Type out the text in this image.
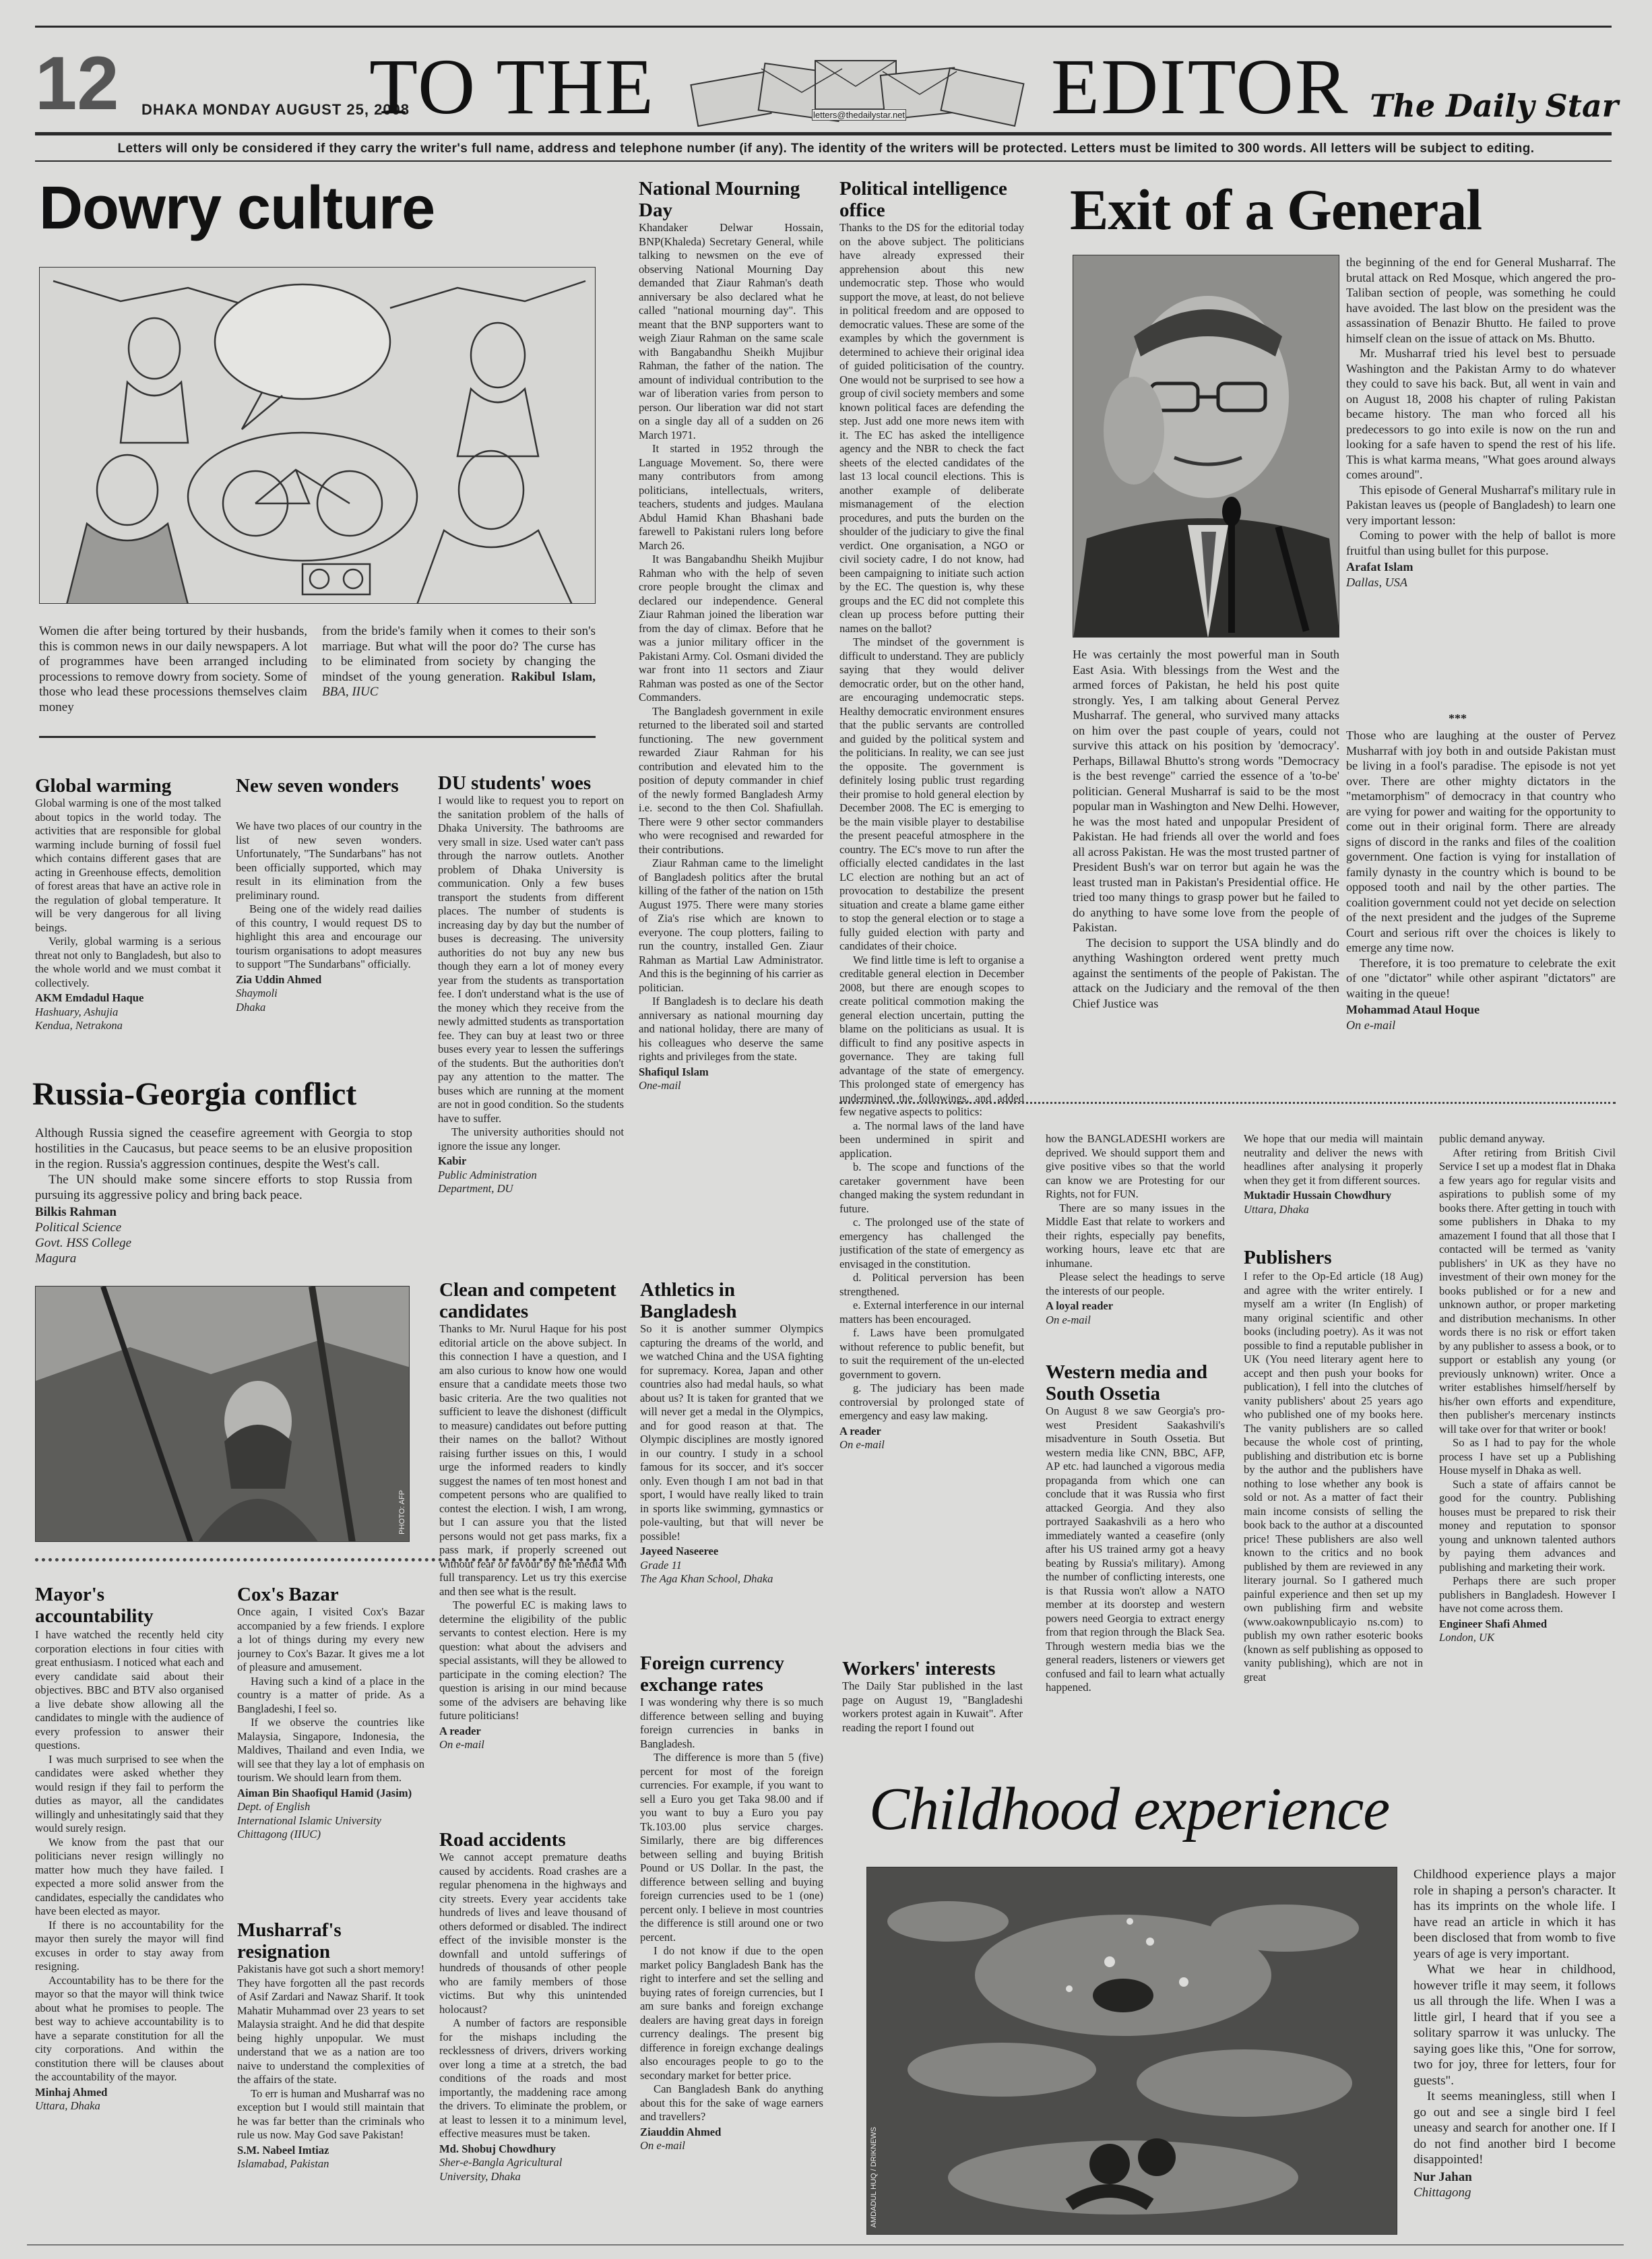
12 DHAKA MONDAY AUGUST 25, 2008
TO THE	letters@thedailystar.net EDITOR The Daily Star
Letters will only be considered if they carry the writer's full name, address and telephone number (if any). The identity of the writers will be protected. Letters must be limited to 300 words. All letters will be subject to editing.
Dowry culture
Women die after being tortured by their husbands, this is common news in our daily newspapers. A lot of programmes have been arranged including processions to remove dowry from society. Some of those who lead these processions themselves claim money
from the bride's family when it comes to their son's marriage. But what will the poor do? The curse has to be eliminated from society by changing the mindset of the young generation. Rakibul Islam, BBA, IIUC
Global warming

Global warming is one of the most talked about topics in the world today. The activities that are responsible for global warming include burning of fossil fuel which contains different gases that are acting in Greenhouse effects, demolition of forest areas that have an active role in the regulation of global temperature. It will be very dangerous for all living beings.

Verily, global warming is a serious threat not only to Bangladesh, but also to the whole world and we must combat it collectively.

AKM Emdadul Haque
Hashuary, Ashujia
Kendua, Netrakona
New seven wonders

We have two places of our country in the list of new seven wonders. Unfortunately, "The Sundarbans" has not been officially supported, which may result in its elimination from the preliminary round.

Being one of the widely read dailies of this country, I would request DS to highlight this area and encourage our tourism organisations to adopt measures to support "The Sundarbans" officially.

Zia Uddin Ahmed
Shaymoli
Dhaka
DU students' woes

I would like to request you to report on the sanitation problem of the halls of Dhaka University. The bathrooms are very small in size. Used water can't pass through the narrow outlets. Another problem of Dhaka University is communication. Only a few buses transport the students from different places. The number of students is increasing day by day but the number of buses is decreasing. The university authorities do not buy any new bus though they earn a lot of money every year from the students as transportation fee. I don't understand what is the use of the money which they receive from the newly admitted students as transportation fee. They can buy at least two or three buses every year to lessen the sufferings of the students. But the authorities don't pay any attention to the matter. The buses which are running at the moment are not in good condition. So the students have to suffer.

The university authorities should not ignore the issue any longer.

Kabir
Public Administration
Department, DU
Russia-Georgia conflict

Although Russia signed the ceasefire agreement with Georgia to stop hostilities in the Caucasus, but peace seems to be an elusive proposition in the region. Russia's aggression continues, despite the West's call.

The UN should make some sincere efforts to stop Russia from pursuing its aggressive policy and bring back peace.

Bilkis Rahman
Political Science
Govt. HSS College
Magura
PHOTO: AFP
Mayor's accountability

I have watched the recently held city corporation elections in four cities with great enthusiasm. I noticed what each and every candidate said about their objectives. BBC and BTV also organised a live debate show allowing all the candidates to mingle with the audience of every profession to answer their questions.

I was much surprised to see when the candidates were asked whether they would resign if they fail to perform the duties as mayor, all the candidates willingly and unhesitatingly said that they would surely resign.

We know from the past that our politicians never resign willingly no matter how much they have failed. I expected a more solid answer from the candidates, especially the candidates who have been elected as mayor.

If there is no accountability for the mayor then surely the mayor will find excuses in order to stay away from resigning.

Accountability has to be there for the mayor so that the mayor will think twice about what he promises to people. The best way to achieve accountability is to have a separate constitution for all the city corporations. And within the constitution there will be clauses about the accountability of the mayor.

Minhaj Ahmed
Uttara, Dhaka
Cox's Bazar

Once again, I visited Cox's Bazar accompanied by a few friends. I explore a lot of things during my every new journey to Cox's Bazar. It gives me a lot of pleasure and amusement.

Having such a kind of a place in the country is a matter of pride. As a Bangladeshi, I feel so.

If we observe the countries like Malaysia, Singapore, Indonesia, the Maldives, Thailand and even India, we will see that they lay a lot of emphasis on tourism. We should learn from them.

Aiman Bin Shaofiqul Hamid (Jasim)
Dept. of English
International Islamic University
Chittagong (IIUC)
Musharraf's resignation

Pakistanis have got such a short memory! They have forgotten all the past records of Asif Zardari and Nawaz Sharif. It took Mahatir Muhammad over 23 years to set Malaysia straight. And he did that despite being highly unpopular. We must understand that we as a nation are too naive to understand the complexities of the affairs of the state.

To err is human and Musharraf was no exception but I would still maintain that he was far better than the criminals who rule us now. May God save Pakistan!

S.M. Nabeel Imtiaz
Islamabad, Pakistan
Clean and competent candidates

Thanks to Mr. Nurul Haque for his post editorial article on the above subject. In this connection I have a question, and I am also curious to know how one would ensure that a candidate meets those two basic criteria. Are the two qualities not sufficient to leave the dishonest (difficult to measure) candidates out before putting their names on the ballot? Without raising further issues on this, I would urge the informed readers to kindly suggest the names of ten most honest and competent persons who are qualified to contest the election. I wish, I am wrong, but I can assure you that the listed persons would not get pass marks, fix a pass mark, if properly screened out without fear or favour by the media with full transparency. Let us try this exercise and then see what is the result.

The powerful EC is making laws to determine the eligibility of the public servants to contest election. Here is my question: what about the advisers and special assistants, will they be allowed to participate in the coming election? The question is arising in our mind because some of the advisers are behaving like future politicians!

A reader
On e-mail
Road accidents

We cannot accept premature deaths caused by accidents. Road crashes are a regular phenomena in the highways and city streets. Every year accidents take hundreds of lives and leave thousand of others deformed or disabled. The indirect effect of the invisible monster is the downfall and untold sufferings of hundreds of thousands of other people who are family members of those victims. But why this unintended holocaust?

A number of factors are responsible for the mishaps including the recklessness of drivers, drivers working over long a time at a stretch, the bad conditions of the roads and most importantly, the maddening race among the drivers. To eliminate the problem, or at least to lessen it to a minimum level, effective measures must be taken.

Md. Shobuj Chowdhury
Sher-e-Bangla Agricultural
University, Dhaka
National Mourning Day

Khandaker Delwar Hossain, BNP(Khaleda) Secretary General, while talking to newsmen on the eve of observing National Mourning Day demanded that Ziaur Rahman's death anniversary be also declared what he called "national mourning day". This meant that the BNP supporters want to weigh Ziaur Rahman on the same scale with Bangabandhu Sheikh Mujibur Rahman, the father of the nation. The amount of individual contribution to the war of liberation varies from person to person. Our liberation war did not start on a single day all of a sudden on 26 March 1971.

It started in 1952 through the Language Movement. So, there were many contributors from among politicians, intellectuals, writers, teachers, students and judges. Maulana Abdul Hamid Khan Bhashani bade farewell to Pakistani rulers long before March 26.

It was Bangabandhu Sheikh Mujibur Rahman who with the help of seven crore people brought the climax and declared our independence. General Ziaur Rahman joined the liberation war from the day of climax. Before that he was a junior military officer in the Pakistani Army. Col. Osmani divided the war front into 11 sectors and Ziaur Rahman was posted as one of the Sector Commanders.

The Bangladesh government in exile returned to the liberated soil and started functioning. The new government rewarded Ziaur Rahman for his contribution and elevated him to the position of deputy commander in chief of the newly formed Bangladesh Army i.e. second to the then Col. Shafiullah. There were 9 other sector commanders who were recognised and rewarded for their contributions.

Ziaur Rahman came to the limelight of Bangladesh politics after the brutal killing of the father of the nation on 15th August 1975. There were many stories of Zia's rise which are known to everyone. The coup plotters, failing to run the country, installed Gen. Ziaur Rahman as Martial Law Administrator. And this is the beginning of his carrier as politician.

If Bangladesh is to declare his death anniversary as national mourning day and national holiday, there are many of his colleagues who deserve the same rights and privileges from the state.

Shafiqul Islam
One-mail
Athletics in Bangladesh

So it is another summer Olympics capturing the dreams of the world, and we watched China and the USA fighting for supremacy. Korea, Japan and other countries also had medal hauls, so what about us? It is taken for granted that we will never get a medal in the Olympics, and for good reason at that. The Olympic disciplines are mostly ignored in our country. I study in a school famous for its soccer, and it's soccer only. Even though I am not bad in that sport, I would have really liked to train in sports like swimming, gymnastics or pole-vaulting, but that will never be possible!

Jayeed Naseeree
Grade 11
The Aga Khan School, Dhaka
Foreign currency exchange rates

I was wondering why there is so much difference between selling and buying foreign currencies in banks in Bangladesh.

The difference is more than 5 (five) percent for most of the foreign currencies. For example, if you want to sell a Euro you get Taka 98.00 and if you want to buy a Euro you pay Tk.103.00 plus service charges. Similarly, there are big differences between selling and buying British Pound or US Dollar. In the past, the difference between selling and buying foreign currencies used to be 1 (one) percent only. I believe in most countries the difference is still around one or two percent.

I do not know if due to the open market policy Bangladesh Bank has the right to interfere and set the selling and buying rates of foreign currencies, but I am sure banks and foreign exchange dealers are having great days in foreign currency dealings. The present big difference in foreign exchange dealings also encourages people to go to the secondary market for better price.

Can Bangladesh Bank do anything about this for the sake of wage earners and travellers?

Ziauddin Ahmed
On e-mail
Political intelligence office

Thanks to the DS for the editorial today on the above subject. The politicians have already expressed their apprehension about this new undemocratic step. Those who would support the move, at least, do not believe in political freedom and are opposed to democratic values. These are some of the examples by which the government is determined to achieve their original idea of guided politicisation of the country. One would not be surprised to see how a group of civil society members and some known political faces are defending the step. Just add one more news item with it. The EC has asked the intelligence agency and the NBR to check the fact sheets of the elected candidates of the last 13 local council elections. This is another example of deliberate mismanagement of the election procedures, and puts the burden on the shoulder of the judiciary to give the final verdict. One organisation, a NGO or civil society cadre, I do not know, had been campaigning to initiate such action by the EC. The question is, why these groups and the EC did not complete this clean up process before putting their names on the ballot?

The mindset of the government is difficult to understand. They are publicly saying that they would deliver democratic order, but on the other hand, are encouraging undemocratic steps. Healthy democratic environment ensures that the public servants are controlled and guided by the political system and the politicians. In reality, we can see just the opposite. The government is definitely losing public trust regarding their promise to hold general election by December 2008. The EC is emerging to be the main visible player to destabilise the present peaceful atmosphere in the country. The EC's move to run after the officially elected candidates in the last LC election are nothing but an act of provocation to destabilize the present situation and create a blame game either to stop the general election or to stage a fully guided election with party and candidates of their choice.

We find little time is left to organise a creditable general election in December 2008, but there are enough scopes to create political commotion making the general election uncertain, putting the blame on the politicians as usual. It is difficult to find any positive aspects in governance. They are taking full advantage of the state of emergency. This prolonged state of emergency has undermined the followings, and added few negative aspects to politics:

a. The normal laws of the land have been undermined in spirit and application.

b. The scope and functions of the caretaker government have been changed making the system redundant in future.

c. The prolonged use of the state of emergency has challenged the justification of the state of emergency as envisaged in the constitution.

d. Political perversion has been strengthened.

e. External interference in our internal matters has been encouraged.

f. Laws have been promulgated without reference to public benefit, but to suit the requirement of the un-elected government to govern.

g. The judiciary has been made controversial by prolonged state of emergency and easy law making.

A reader
On e-mail
Workers' interests

The Daily Star published in the last page on August 19, "Bangladeshi workers protest again in Kuwait". After reading the report I found out

Exit of a General

the beginning of the end for General Musharraf. The brutal attack on Red Mosque, which angered the pro-Taliban section of people, was something he could have avoided. The last blow on the president was the assassination of Benazir Bhutto. He failed to prove himself clean on the issue of attack on Ms. Bhutto.

Mr. Musharraf tried his level best to persuade Washington and the Pakistan Army to do whatever they could to save his back. But, all went in vain and on August 18, 2008 his chapter of ruling Pakistan became history. The man who forced all his predecessors to go into exile is now on the run and looking for a safe haven to spend the rest of his life. This is what karma means, "What goes around always comes around".

This episode of General Musharraf's military rule in Pakistan leaves us (people of Bangladesh) to learn one very important lesson:

Coming to power with the help of ballot is more fruitful than using bullet for this purpose.

Arafat Islam
Dallas, USA

He was certainly the most powerful man in South East Asia. With blessings from the West and the armed forces of Pakistan, he held his post quite strongly. Yes, I am talking about General Pervez Musharraf. The general, who survived many attacks on him over the past couple of years, could not survive this attack on his position by 'democracy'. Perhaps, Billawal Bhutto's strong words "Democracy is the best revenge" carried the essence of a 'to-be' politician. General Musharraf is said to be the most popular man in Washington and New Delhi. However, he was the most hated and unpopular President of Pakistan. He had friends all over the world and foes all across Pakistan. He was the most trusted partner of President Bush's war on terror but again he was the least trusted man in Pakistan's Presidential office. He tried too many things to grasp power but he failed to do anything to have some love from the people of Pakistan.

The decision to support the USA blindly and do anything Washington ordered went pretty much against the sentiments of the people of Pakistan. The attack on the Judiciary and the removal of the then Chief Justice was

***

Those who are laughing at the ouster of Pervez Musharraf with joy both in and outside Pakistan must be living in a fool's paradise. The episode is not yet over. There are other mighty dictators in the "metamorphism" of democracy in that country who are vying for power and waiting for the opportunity to come out in their original form. There are already signs of discord in the ranks and files of the coalition government. One faction is vying for installation of family dynasty in the country which is bound to be opposed tooth and nail by the other parties. The coalition government could not yet decide on selection of the next president and the judges of the Supreme Court and serious rift over the choices is likely to emerge any time now.

Therefore, it is too premature to celebrate the exit of one "dictator" while other aspirant "dictators" are waiting in the queue!

Mohammad Ataul Hoque
On e-mail

how the BANGLADESHI workers are deprived. We should support them and give positive vibes so that the world can know we are Protesting for our Rights, not for FUN.

There are so many issues in the Middle East that relate to workers and their rights, especially pay benefits, working hours, leave etc that are inhumane.

Please select the headings to serve the interests of our people.

A loyal reader
On e-mail
Western media and South Ossetia

On August 8 we saw Georgia's pro-west President Saakashvili's misadventure in South Ossetia. But western media like CNN, BBC, AFP, AP etc. had launched a vigorous media propaganda from which one can conclude that it was Russia who first attacked Georgia. And they also portrayed Saakashvili as a hero who immediately wanted a ceasefire (only after his US trained army got a heavy beating by Russia's military). Among the number of conflicting interests, one is that Russia won't allow a NATO member at its doorstep and western powers need Georgia to extract energy from that region through the Black Sea. Through western media bias we the general readers, listeners or viewers get confused and fail to learn what actually happened.

We hope that our media will maintain neutrality and deliver the news with headlines after analysing it properly when they get it from different sources.

Muktadir Hussain Chowdhury
Uttara, Dhaka
Publishers

I refer to the Op-Ed article (18 Aug) and agree with the writer entirely. I myself am a writer (In English) of many original scientific and other books (including poetry). As it was not possible to find a reputable publisher in UK (You need literary agent here to accept and then push your books for publication), I fell into the clutches of vanity publishers' about 25 years ago who published one of my books here. The vanity publishers are so called because the whole cost of printing, publishing and distribution etc is borne by the author and the publishers have nothing to lose whether any book is sold or not. As a matter of fact their main income consists of selling the book back to the author at a discounted price! These publishers are also well known to the critics and no book published by them are reviewed in any literary journal. So I gathered much painful experience and then set up my own publishing firm and website (www.oakownpublicayio ns.com) to publish my own rather esoteric books (known as self publishing as opposed to vanity publishing), which are not in great

public demand anyway.

After retiring from British Civil Service I set up a modest flat in Dhaka a few years ago for regular visits and aspirations to publish some of my books there. After getting in touch with some publishers in Dhaka to my amazement I found that all those that I contacted will be termed as 'vanity publishers' in UK as they have no investment of their own money for the books published or for a new and unknown author, or proper marketing and distribution mechanisms. In other words there is no risk or effort taken by any publisher to assess a book, or to support or establish any young (or previously unknown) writer. Once a writer establishes himself/herself by his/her own efforts and expenditure, then publisher's mercenary instincts will take over for that writer or book!

So as I had to pay for the whole process I have set up a Publishing House myself in Dhaka as well.

Such a state of affairs cannot be good for the country. Publishing houses must be prepared to risk their money and reputation to sponsor young and unknown talented authors by paying them advances and publishing and marketing their work.

Perhaps there are such proper publishers in Bangladesh. However I have not come across them.

Engineer Shafi Ahmed
London, UK
Childhood experience
AMDADUL HUQ / DRIKNEWS

Childhood experience plays a major role in shaping a person's character. It has its imprints on the whole life. I have read an article in which it has been disclosed that from womb to five years of age is very important.

What we hear in childhood, however trifle it may seem, it follows us all through the life. When I was a little girl, I heard that if you see a solitary sparrow it was unlucky. The saying goes like this, "One for sorrow, two for joy, three for letters, four for guests".

It seems meaningless, still when I go out and see a single bird I feel uneasy and search for another one. If I do not find another bird I become disappointed!

Nur Jahan
Chittagong
